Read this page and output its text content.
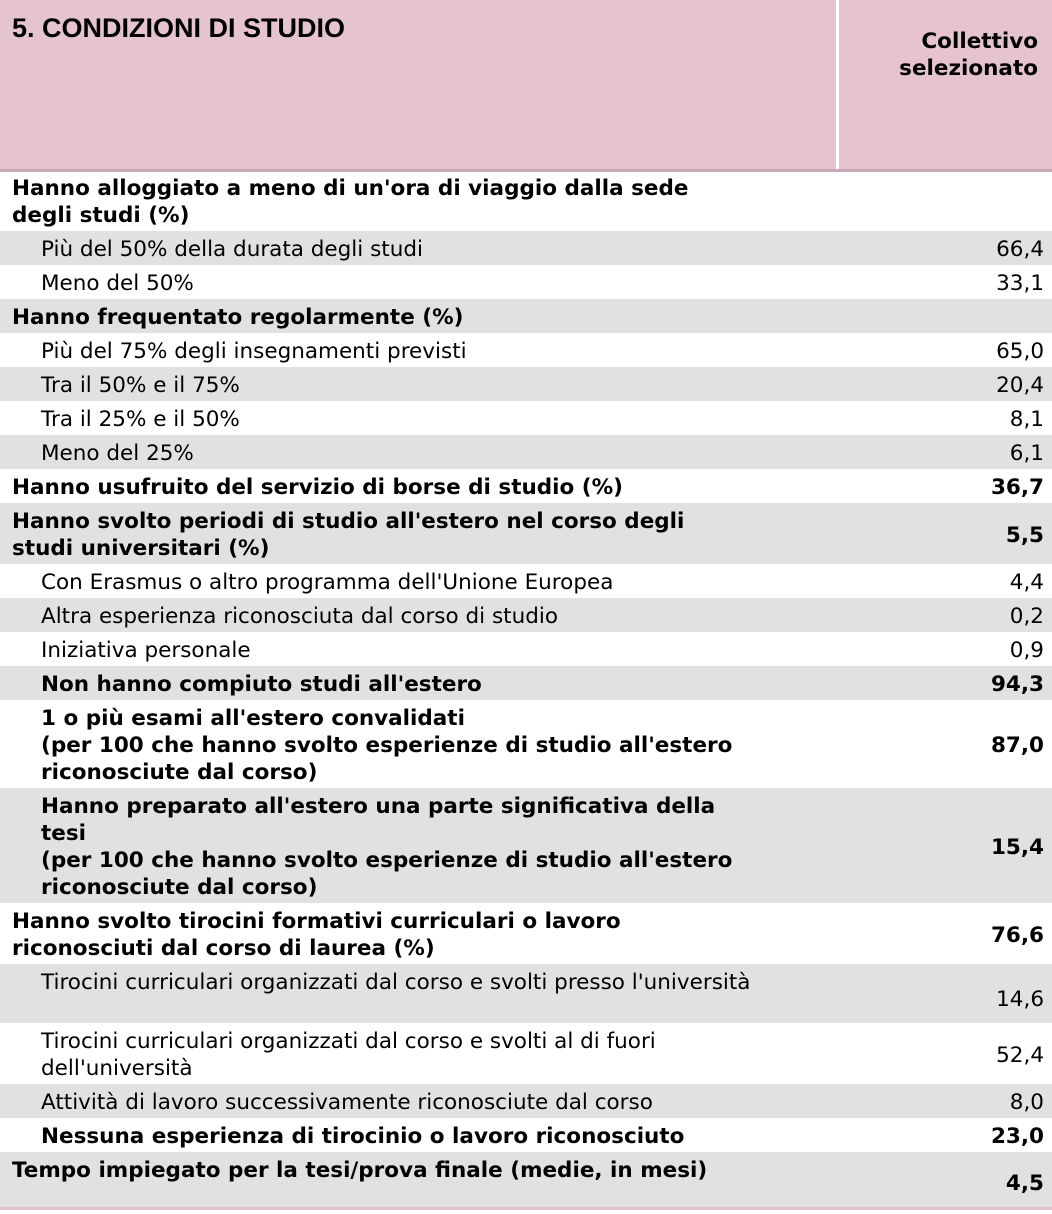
5. CONDIZIONI DI STUDIO	Collettivo
selezionato

Hanno alloggiato a meno di un'ora di viaggio dalla sede
degli studi (%)	

Più del 50% della durata degli studi	66,4

Meno del 50%	33,1

Hanno frequentato regolarmente (%)	

Più del 75% degli insegnamenti previsti	65,0

Tra il 50% e il 75%	20,4

Tra il 25% e il 50%	8,1

Meno del 25%	6,1

Hanno usufruito del servizio di borse di studio (%)	36,7

Hanno svolto periodi di studio all'estero nel corso degli
studi universitari (%)	5,5

Con Erasmus o altro programma dell'Unione Europea	4,4

Altra esperienza riconosciuta dal corso di studio	0,2

Iniziativa personale	0,9

Non hanno compiuto studi all'estero	94,3

1 o più esami all'estero convalidati
(per 100 che hanno svolto esperienze di studio all'estero
riconosciute dal corso)	87,0

Hanno preparato all'estero una parte significativa della
tesi
(per 100 che hanno svolto esperienze di studio all'estero
riconosciute dal corso)	15,4

Hanno svolto tirocini formativi curriculari o lavoro
riconosciuti dal corso di laurea (%)	76,6

Tirocini curriculari organizzati dal corso e svolti presso l'università	14,6

Tirocini curriculari organizzati dal corso e svolti al di fuori
dell'università	52,4

Attività di lavoro successivamente riconosciute dal corso	8,0

Nessuna esperienza di tirocinio o lavoro riconosciuto	23,0

Tempo impiegato per la tesi/prova finale (medie, in mesi)	4,5
